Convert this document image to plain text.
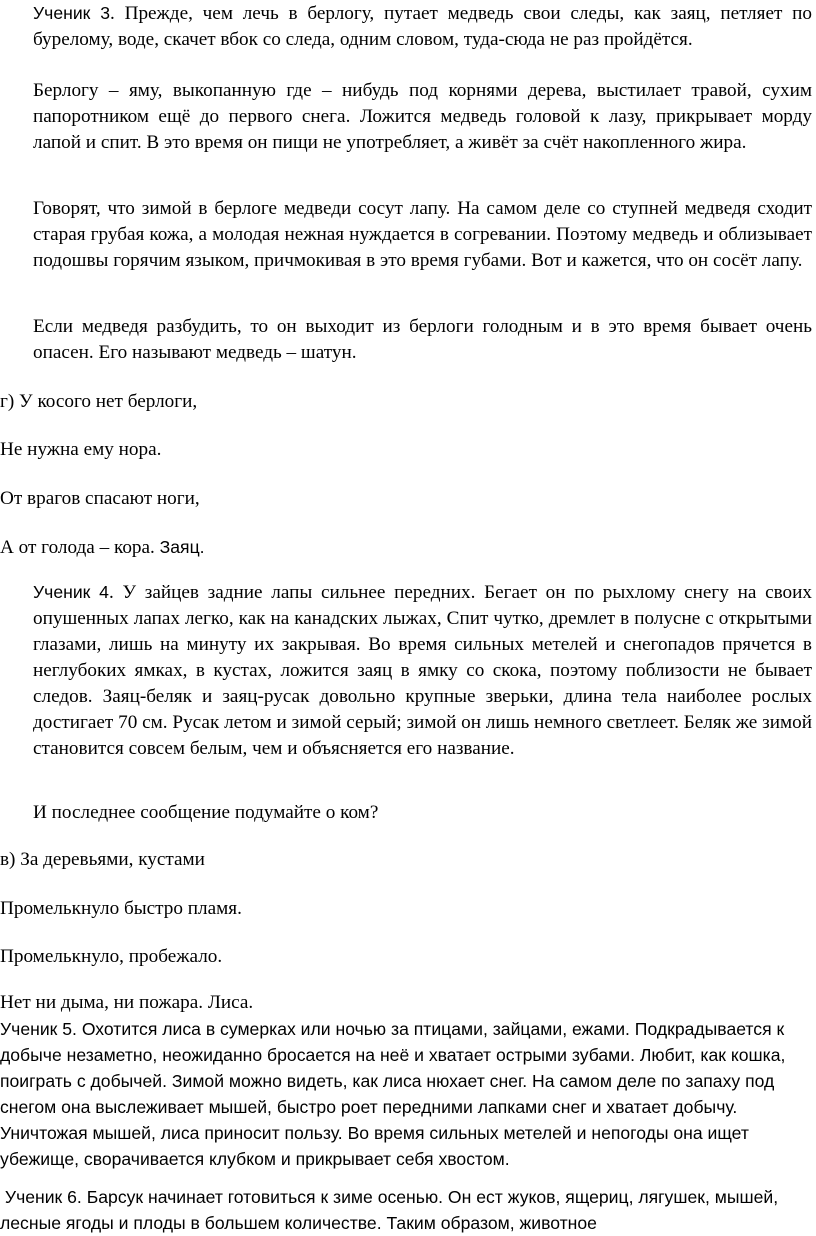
Ученик 3. Прежде, чем лечь в берлогу, путает медведь свои следы, как заяц, петляет по бурелому, воде, скачет вбок со следа, одним словом, туда-сюда не раз пройдётся.

Берлогу – яму, выкопанную где – нибудь под корнями дерева, выстилает травой, сухим папоротником ещё до первого снега. Ложится медведь головой к лазу, прикрывает морду лапой и спит. В это время он пищи не употребляет, а живёт за счёт накопленного жира.

Говорят, что зимой в берлоге медведи сосут лапу. На самом деле со ступней медведя сходит старая грубая кожа, а молодая нежная нуждается в согревании. Поэтому медведь и облизывает подошвы горячим языком, причмокивая в это время губами. Вот и кажется, что он сосёт лапу.

Если медведя разбудить, то он выходит из берлоги голодным и в это время бывает очень опасен. Его называют медведь – шатун.

г) У косого нет берлоги,

Не нужна ему нора.

От врагов спасают ноги,

А от голода – кора. Заяц.

Ученик 4. У зайцев задние лапы сильнее передних. Бегает он по рыхлому снегу на своих опушенных лапах легко, как на канадских лыжах, Спит чутко, дремлет в полусне с открытыми глазами, лишь на минуту их закрывая. Во время сильных метелей и снегопадов прячется в неглубоких ямках, в кустах, ложится заяц в ямку со скока, поэтому поблизости не бывает следов. Заяц-беляк и заяц-русак довольно крупные зверьки, длина тела наиболее рослых достигает 70 см. Русак летом и зимой серый; зимой он лишь немного светлеет. Беляк же зимой становится совсем белым, чем и объясняется его название.

И последнее сообщение подумайте о ком?

в) За деревьями, кустами

Промелькнуло быстро пламя.

Промелькнуло, пробежало.

Нет ни дыма, ни пожара. Лиса.

Ученик 5. Охотится лиса в сумерках или ночью за птицами, зайцами, ежами. Подкрадывается к добыче незаметно, неожиданно бросается на неё и хватает острыми зубами. Любит, как кошка, поиграть с добычей. Зимой можно видеть, как лиса нюхает снег. На самом деле по запаху под снегом она выслеживает мышей, быстро роет передними лапками снег и хватает добычу. Уничтожая мышей, лиса приносит пользу. Во время сильных метелей и непогоды она ищет убежище, сворачивается клубком и прикрывает себя хвостом.

Ученик 6. Барсук начинает готовиться к зиме осенью. Он ест жуков, ящериц, лягушек, мышей, лесные ягоды и плоды в большем количестве. Таким образом, животное
